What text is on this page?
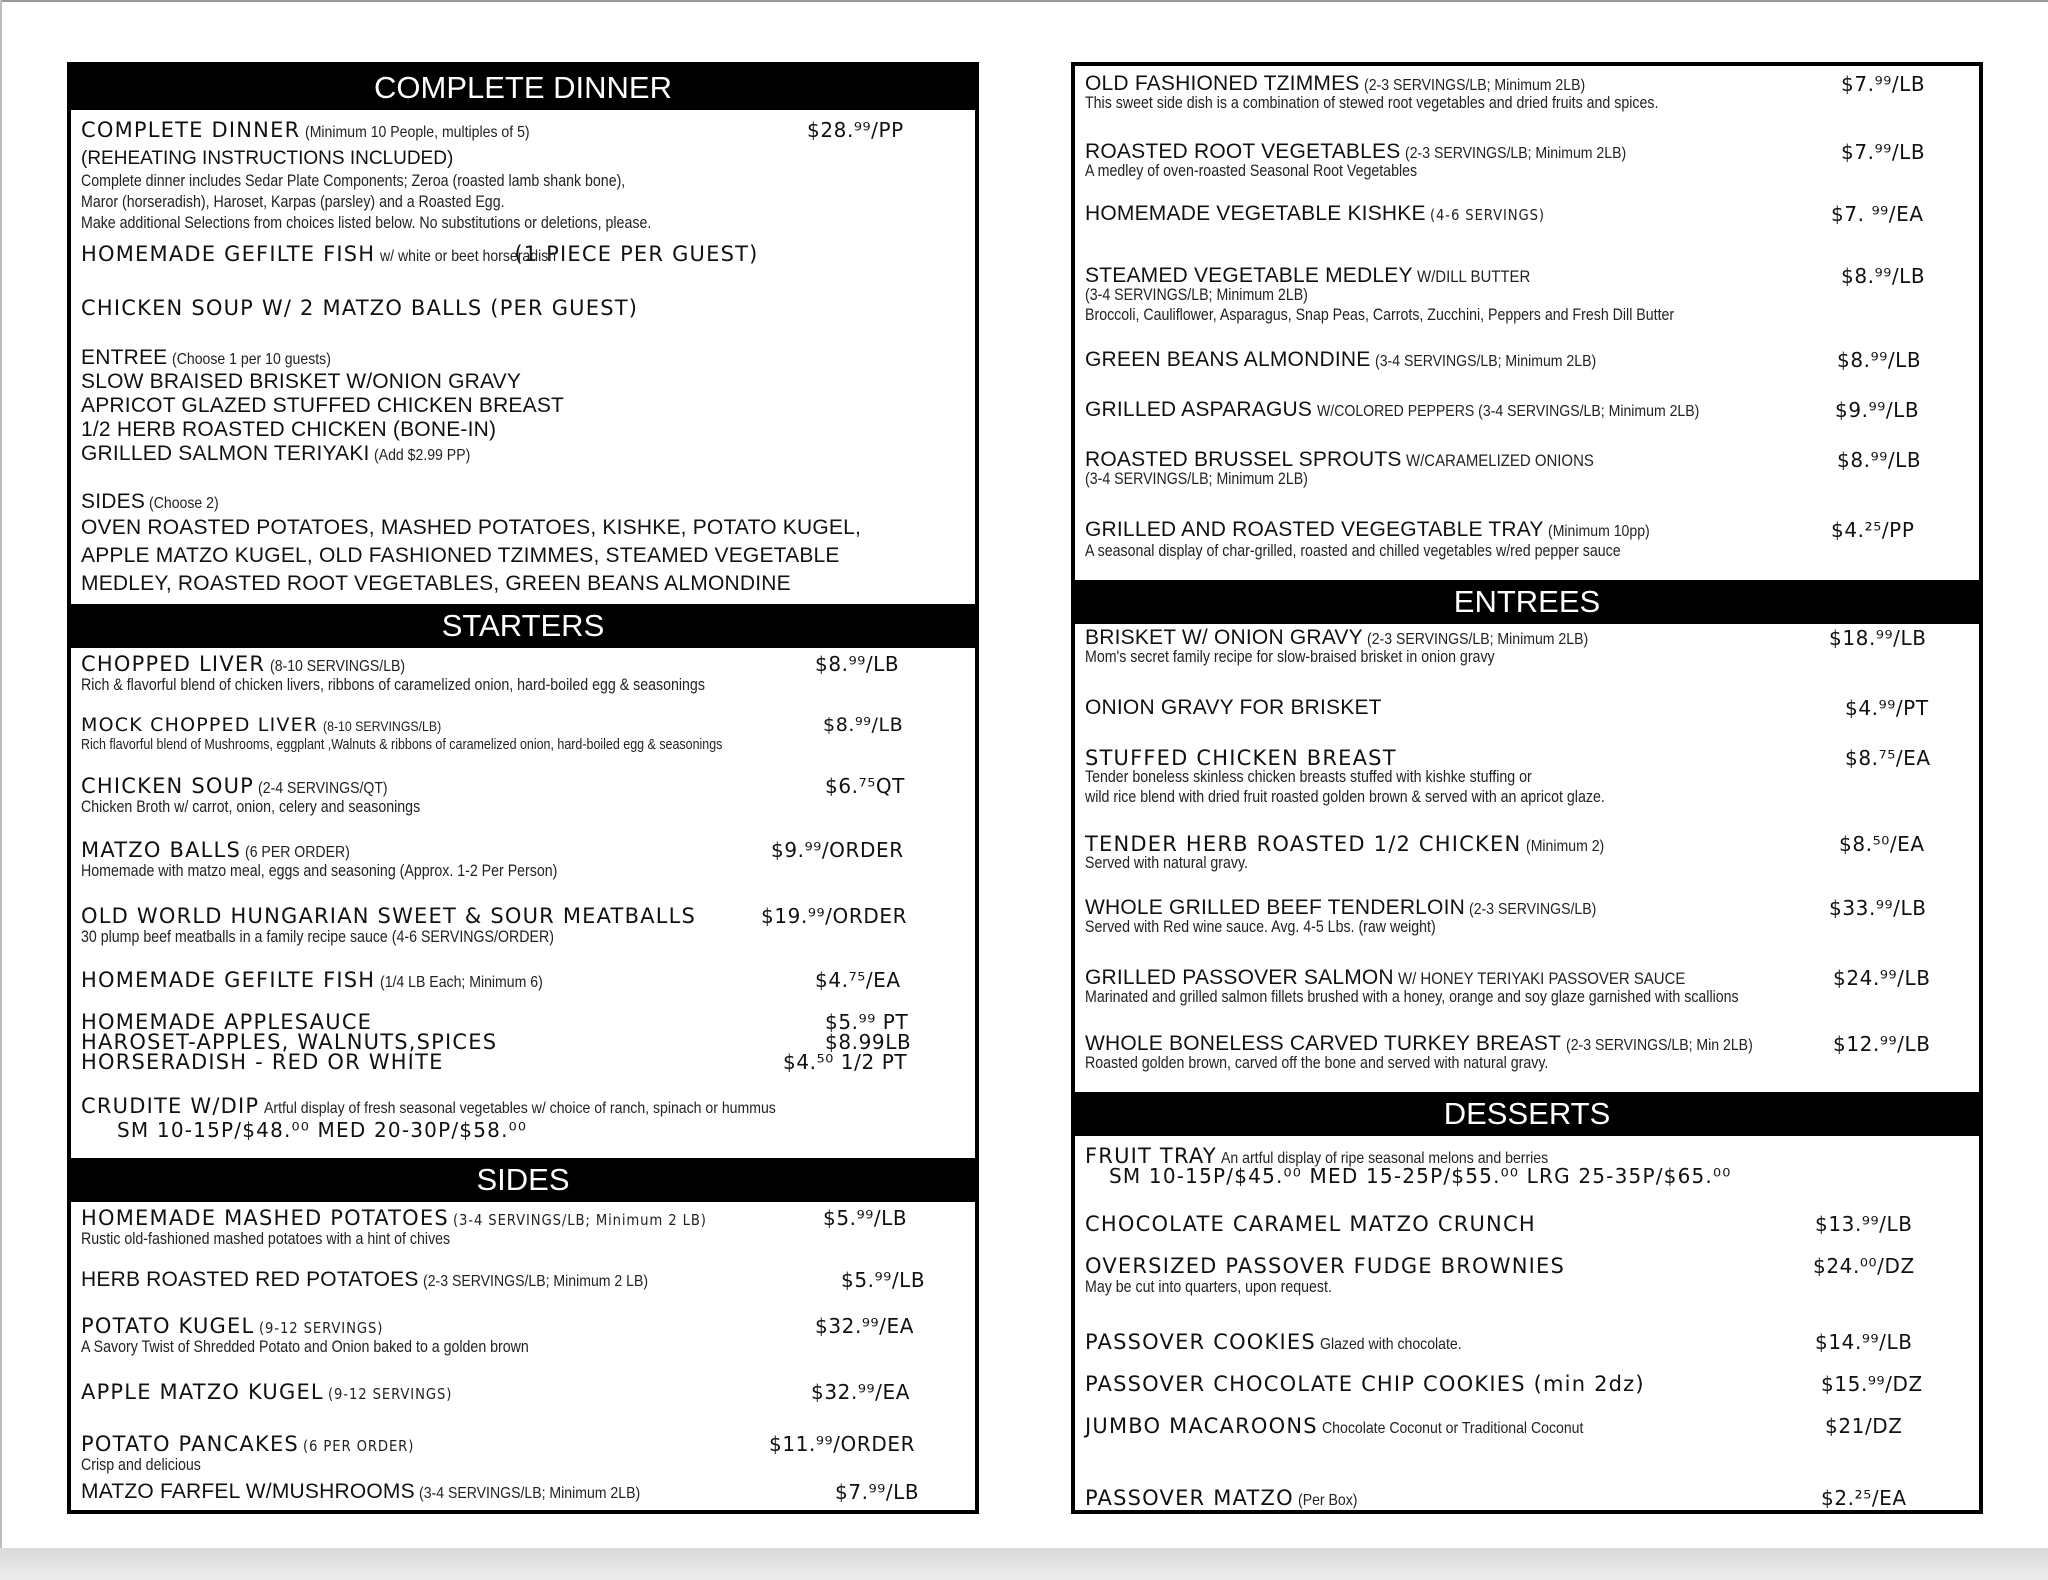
COMPLETE DINNER
COMPLETE DINNER (Minimum 10 People, multiples of 5)	$28.⁹⁹/PP
(REHEATING INSTRUCTIONS INCLUDED)
Complete dinner includes Sedar Plate Components; Zeroa (roasted lamb shank bone),
Maror (horseradish), Haroset, Karpas (parsley) and a Roasted Egg.
Make additional Selections from choices listed below. No substitutions or deletions, please.
HOMEMADE GEFILTE FISH w/ white or beet horseradish (1 PIECE PER GUEST)
CHICKEN SOUP W/ 2 MATZO BALLS (PER GUEST)
ENTREE (Choose 1 per 10 guests)
SLOW BRAISED BRISKET W/ONION GRAVY
APRICOT GLAZED STUFFED CHICKEN BREAST
1/2 HERB ROASTED CHICKEN (BONE-IN)
GRILLED SALMON TERIYAKI (Add $2.99 PP)
SIDES (Choose 2)
OVEN ROASTED POTATOES, MASHED POTATOES, KISHKE, POTATO KUGEL,
APPLE MATZO KUGEL, OLD FASHIONED TZIMMES, STEAMED VEGETABLE
MEDLEY, ROASTED ROOT VEGETABLES, GREEN BEANS ALMONDINE
STARTERS
CHOPPED LIVER (8-10 SERVINGS/LB)	$8.⁹⁹/LB
Rich & flavorful blend of chicken livers, ribbons of caramelized onion, hard-boiled egg & seasonings
MOCK CHOPPED LIVER (8-10 SERVINGS/LB)	$8.⁹⁹/LB
Rich flavorful blend of Mushrooms, eggplant ,Walnuts & ribbons of caramelized onion, hard-boiled egg & seasonings
CHICKEN SOUP (2-4 SERVINGS/QT)	$6.⁷⁵QT
Chicken Broth w/ carrot, onion, celery and seasonings
MATZO BALLS (6 PER ORDER)	$9.⁹⁹/ORDER
Homemade with matzo meal, eggs and seasoning (Approx. 1-2 Per Person)
OLD WORLD HUNGARIAN SWEET & SOUR MEATBALLS	$19.⁹⁹/ORDER
30 plump beef meatballs in a family recipe sauce (4-6 SERVINGS/ORDER)
HOMEMADE GEFILTE FISH (1/4 LB Each; Minimum 6)	$4.⁷⁵/EA
HOMEMADE APPLESAUCE	$5.⁹⁹ PT
HAROSET-APPLES, WALNUTS,SPICES	$8.99LB
HORSERADISH - RED OR WHITE	$4.⁵⁰ 1/2 PT
CRUDITE W/DIP Artful display of fresh seasonal vegetables w/ choice of ranch, spinach or hummus
SM 10-15P/$48.⁰⁰ MED 20-30P/$58.⁰⁰
SIDES
HOMEMADE MASHED POTATOES (3-4 SERVINGS/LB; Minimum 2 LB)	$5.⁹⁹/LB
Rustic old-fashioned mashed potatoes with a hint of chives
HERB ROASTED RED POTATOES (2-3 SERVINGS/LB; Minimum 2 LB)	$5.⁹⁹/LB
POTATO KUGEL (9-12 SERVINGS)	$32.⁹⁹/EA
A Savory Twist of Shredded Potato and Onion baked to a golden brown
APPLE MATZO KUGEL (9-12 SERVINGS)	$32.⁹⁹/EA
POTATO PANCAKES (6 PER ORDER)	$11.⁹⁹/ORDER
Crisp and delicious
MATZO FARFEL W/MUSHROOMS (3-4 SERVINGS/LB; Minimum 2LB)	$7.⁹⁹/LB
OLD FASHIONED TZIMMES (2-3 SERVINGS/LB; Minimum 2LB)	$7.⁹⁹/LB
This sweet side dish is a combination of stewed root vegetables and dried fruits and spices.
ROASTED ROOT VEGETABLES (2-3 SERVINGS/LB; Minimum 2LB)	$7.⁹⁹/LB
A medley of oven-roasted Seasonal Root Vegetables
HOMEMADE VEGETABLE KISHKE (4-6 SERVINGS)	$7. ⁹⁹/EA
STEAMED VEGETABLE MEDLEY W/DILL BUTTER	$8.⁹⁹/LB
(3-4 SERVINGS/LB; Minimum 2LB)
Broccoli, Cauliflower, Asparagus, Snap Peas, Carrots, Zucchini, Peppers and Fresh Dill Butter
GREEN BEANS ALMONDINE (3-4 SERVINGS/LB; Minimum 2LB)	$8.⁹⁹/LB
GRILLED ASPARAGUS W/COLORED PEPPERS (3-4 SERVINGS/LB; Minimum 2LB)	$9.⁹⁹/LB
ROASTED BRUSSEL SPROUTS W/CARAMELIZED ONIONS	$8.⁹⁹/LB
(3-4 SERVINGS/LB; Minimum 2LB)
GRILLED AND ROASTED VEGEGTABLE TRAY (Minimum 10pp)	$4.²⁵/PP
A seasonal display of char-grilled, roasted and chilled vegetables w/red pepper sauce
ENTREES
BRISKET W/ ONION GRAVY (2-3 SERVINGS/LB; Minimum 2LB)	$18.⁹⁹/LB
Mom's secret family recipe for slow-braised brisket in onion gravy
ONION GRAVY FOR BRISKET	$4.⁹⁹/PT
STUFFED CHICKEN BREAST	$8.⁷⁵/EA
Tender boneless skinless chicken breasts stuffed with kishke stuffing or
wild rice blend with dried fruit roasted golden brown & served with an apricot glaze.
TENDER HERB ROASTED 1/2 CHICKEN (Minimum 2)	$8.⁵⁰/EA
Served with natural gravy.
WHOLE GRILLED BEEF TENDERLOIN (2-3 SERVINGS/LB)	$33.⁹⁹/LB
Served with Red wine sauce. Avg. 4-5 Lbs. (raw weight)
GRILLED PASSOVER SALMON W/ HONEY TERIYAKI PASSOVER SAUCE	$24.⁹⁹/LB
Marinated and grilled salmon fillets brushed with a honey, orange and soy glaze garnished with scallions
WHOLE BONELESS CARVED TURKEY BREAST (2-3 SERVINGS/LB; Min 2LB)	$12.⁹⁹/LB
Roasted golden brown, carved off the bone and served with natural gravy.
DESSERTS
FRUIT TRAY An artful display of ripe seasonal melons and berries
SM 10-15P/$45.⁰⁰ MED 15-25P/$55.⁰⁰ LRG 25-35P/$65.⁰⁰
CHOCOLATE CARAMEL MATZO CRUNCH	$13.⁹⁹/LB
OVERSIZED PASSOVER FUDGE BROWNIES	$24.⁰⁰/DZ
May be cut into quarters, upon request.
PASSOVER COOKIES Glazed with chocolate.	$14.⁹⁹/LB
PASSOVER CHOCOLATE CHIP COOKIES (min 2dz)	$15.⁹⁹/DZ
JUMBO MACAROONS Chocolate Coconut or Traditional Coconut	$21/DZ
PASSOVER MATZO (Per Box)	$2.²⁵/EA
